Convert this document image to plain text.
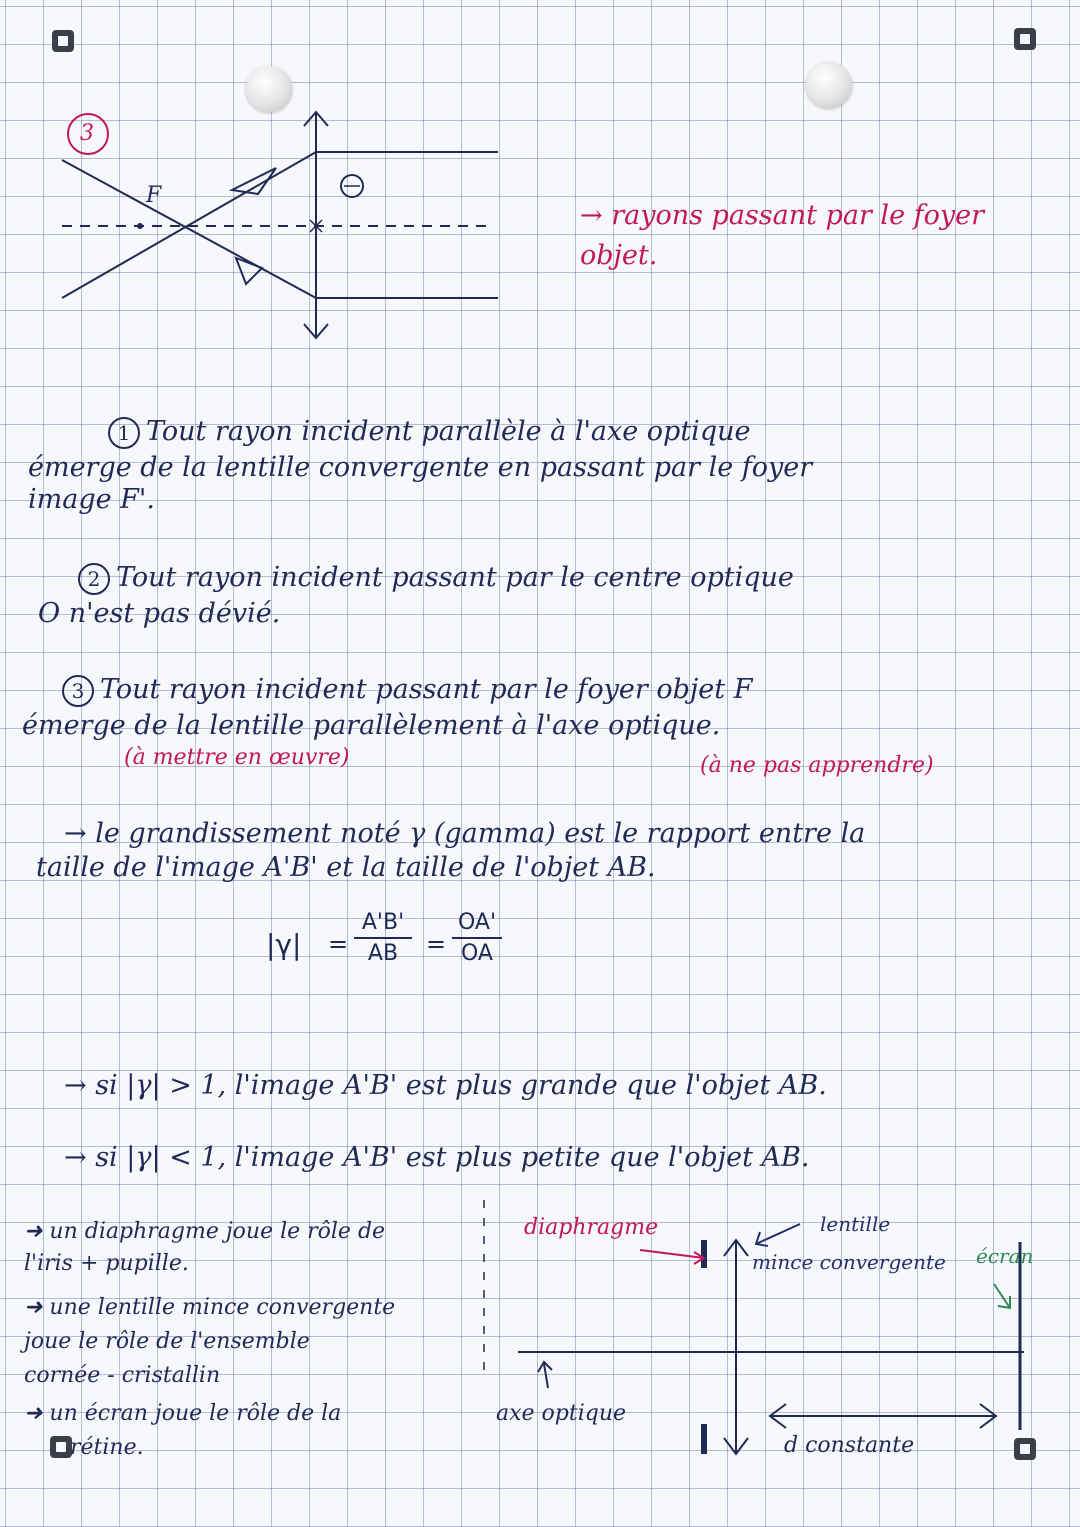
3
F
→ rayons passant par le foyer objet.
1 Tout rayon incident parallèle à l'axe optique
émerge de la lentille convergente en passant par le foyer
image F'.
2 Tout rayon incident passant par le centre optique
O n'est pas dévié.
3 Tout rayon incident passant par le foyer objet F
émerge de la lentille parallèlement à l'axe optique.
(à mettre en œuvre)	(à ne pas apprendre)
→ le grandissement noté γ (gamma) est le rapport entre la
taille de l'image A'B' et la taille de l'objet AB.
|γ| =
A'B'
AB	=
OA'
OA
→ si |γ| > 1, l'image A'B' est plus grande que l'objet AB.
→ si |γ| < 1, l'image A'B' est plus petite que l'objet AB.
➜ un diaphragme joue le rôle de
l'iris + pupille.
➜ une lentille mince convergente
joue le rôle de l'ensemble
cornée - cristallin
➜ un écran joue le rôle de la
rétine.
diaphragme	lentille
mince convergente écran
axe optique
d constante
